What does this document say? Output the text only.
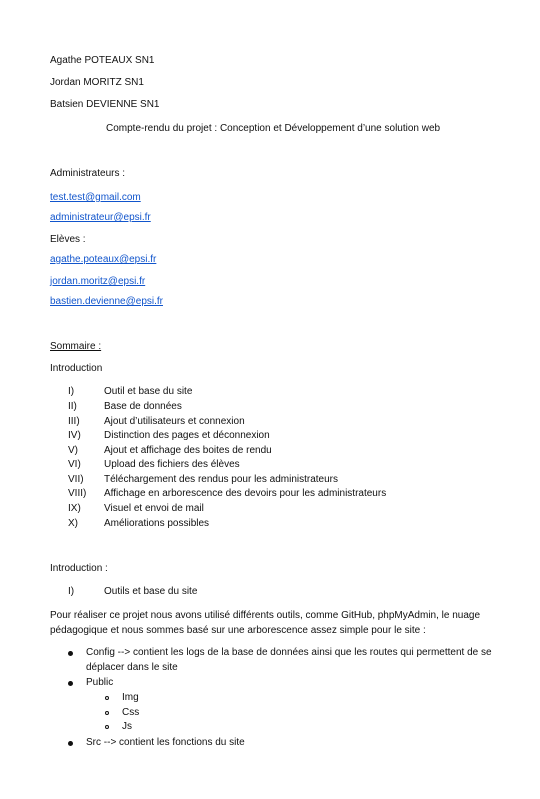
Agathe POTEAUX SN1
Jordan MORITZ SN1
Batsien DEVIENNE SN1
Compte-rendu du projet : Conception et Développement d’une solution web
Administrateurs :
test.test@gmail.com
administrateur@epsi.fr
Elèves :
agathe.poteaux@epsi.fr
jordan.moritz@epsi.fr
bastien.devienne@epsi.fr
Sommaire :
Introduction
I)	Outil et base du site
II)	Base de données
III) Ajout d’utilisateurs et connexion
IV) Distinction des pages et déconnexion
V)	Ajout et affichage des boites de rendu
VI) Upload des fichiers des élèves
VII) Téléchargement des rendus pour les administrateurs
VIII) Affichage en arborescence des devoirs pour les administrateurs
IX) Visuel et envoi de mail
X)	Améliorations possibles
Introduction :
I)	Outils et base du site
Pour réaliser ce projet nous avons utilisé différents outils, comme GitHub, phpMyAdmin, le nuage
pédagogique et nous sommes basé sur une arborescence assez simple pour le site :
Config --> contient les logs de la base de données ainsi que les routes qui permettent de se
déplacer dans le site
Public
Img
Css
Js
Src --> contient les fonctions du site
